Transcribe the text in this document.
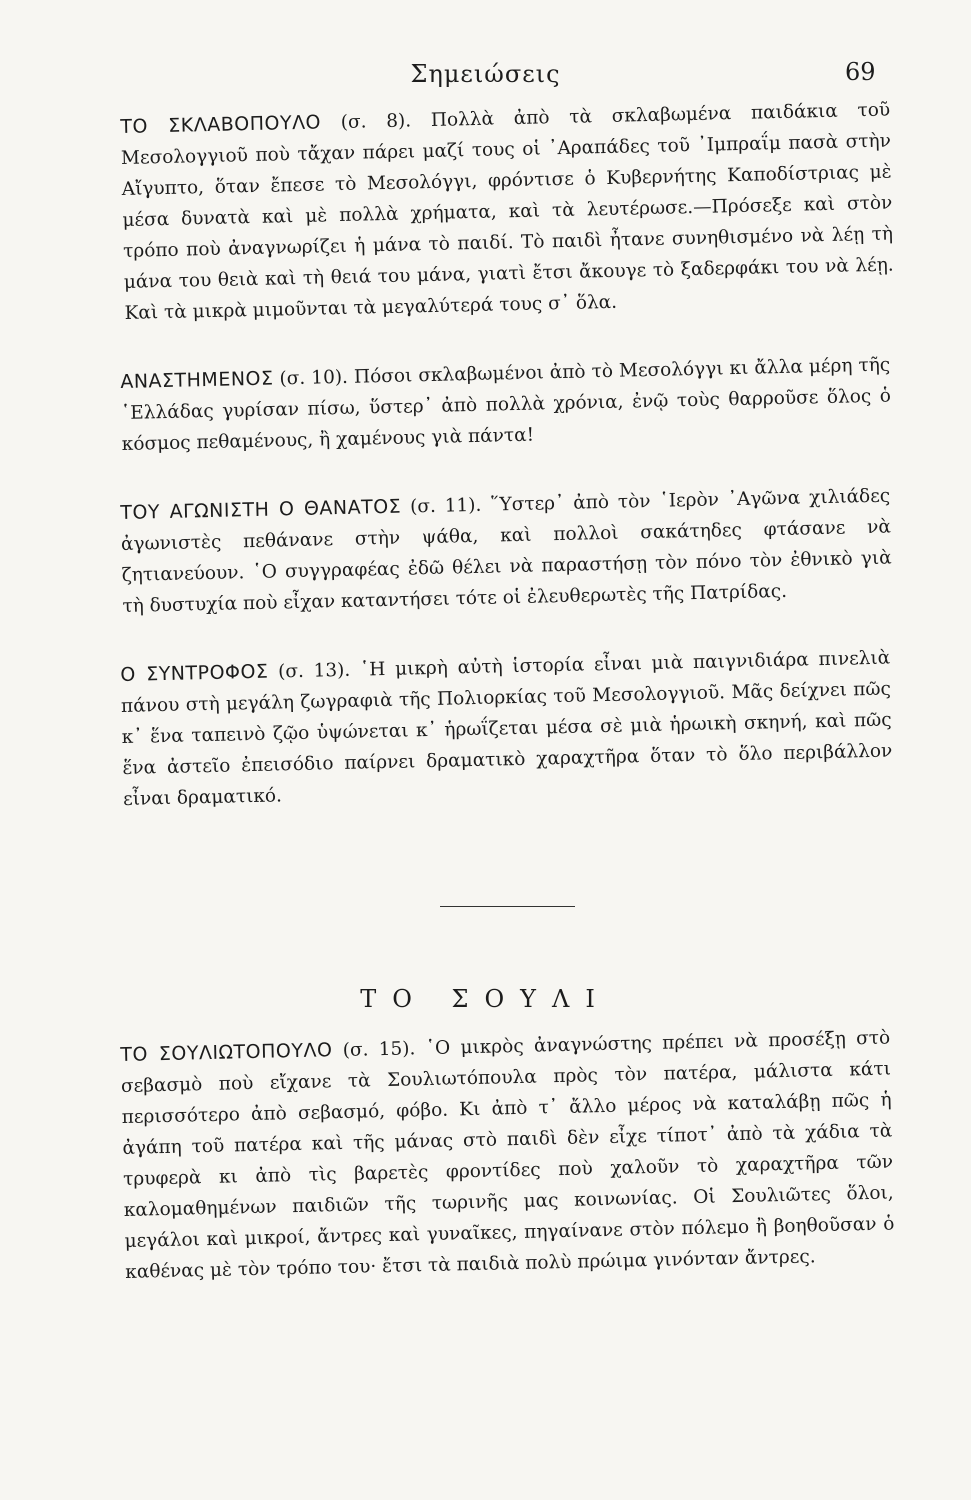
Σημειώσεις	69

ΤΟ ΣΚΛΑΒΟΠΟΥΛΟ (σ. 8). Πολλὰ ἀπὸ τὰ σκλαβωμένα παιδάκια τοῦ Μεσολογγιοῦ ποὺ τἄχαν πάρει μαζί τους οἱ ᾽Αραπάδες τοῦ ᾽Ιμπραΐμ πασὰ στὴν Αἴγυπτο, ὅταν ἔπεσε τὸ Μεσολόγγι, φρόντισε ὁ Κυβερνήτης Καποδίστριας μὲ μέσα δυνατὰ καὶ μὲ πολλὰ χρήματα, καὶ τὰ λευτέρωσε.—Πρόσεξε καὶ στὸν τρόπο ποὺ ἀναγνωρίζει ἡ μάνα τὸ παιδί. Τὸ παιδὶ ἦτανε συνηθισμένο νὰ λέῃ τὴ μάνα του θειὰ καὶ τὴ θειά του μάνα, γιατὶ ἔτσι ἄκουγε τὸ ξαδερφάκι του νὰ λέῃ. Καὶ τὰ μικρὰ μιμοῦνται τὰ μεγαλύτερά τους σ᾽ ὅλα.

ΑΝΑΣΤΗΜΕΝΟΣ (σ. 10). Πόσοι σκλαβωμένοι ἀπὸ τὸ Μεσολόγγι κι ἄλλα μέρη τῆς ῾Ελλάδας γυρίσαν πίσω, ὕστερ᾽ ἀπὸ πολλὰ χρόνια, ἐνῷ τοὺς θαρροῦσε ὅλος ὁ κόσμος πεθαμένους, ἢ χαμένους γιὰ πάντα!

ΤΟΥ ΑΓΩΝΙΣΤΗ Ο ΘΑΝΑΤΟΣ (σ. 11). ῞Υστερ᾽ ἀπὸ τὸν ῾Ιερὸν ᾽Αγῶνα χιλιάδες ἀγωνιστὲς πεθάνανε στὴν ψάθα, καὶ πολλοὶ σακάτηδες φτάσανε νὰ ζητιανεύουν. ῾Ο συγγραφέας ἐδῶ θέλει νὰ παραστήσῃ τὸν πόνο τὸν ἐθνικὸ γιὰ τὴ δυστυχία ποὺ εἶχαν καταντήσει τότε οἱ ἐλευθερωτὲς τῆς Πατρίδας.

Ο ΣΥΝΤΡΟΦΟΣ (σ. 13). ῾Η μικρὴ αὐτὴ ἱστορία εἶναι μιὰ παιγνιδιάρα πινελιὰ πάνου στὴ μεγάλη ζωγραφιὰ τῆς Πολιορκίας τοῦ Μεσολογγιοῦ. Μᾶς δείχνει πῶς κ᾽ ἕνα ταπεινὸ ζῷο ὑψώνεται κ᾽ ἡρωΐζεται μέσα σὲ μιὰ ἡρωικὴ σκηνή, καὶ πῶς ἕνα ἀστεῖο ἐπεισόδιο παίρνει δραματικὸ χαραχτῆρα ὅταν τὸ ὅλο περιβάλλον εἶναι δραματικό.

ΤΟ ΣΟΥΛΙ

ΤΟ ΣΟΥΛΙΩΤΟΠΟΥΛΟ (σ. 15). ῾Ο μικρὸς ἀναγνώστης πρέπει νὰ προσέξῃ στὸ σεβασμὸ ποὺ εἴχανε τὰ Σουλιωτόπουλα πρὸς τὸν πατέρα, μάλιστα κάτι περισσότερο ἀπὸ σεβασμό, φόβο. Κι ἀπὸ τ᾽ ἄλλο μέρος νὰ καταλάβῃ πῶς ἡ ἀγάπη τοῦ πατέρα καὶ τῆς μάνας στὸ παιδὶ δὲν εἶχε τίποτ᾽ ἀπὸ τὰ χάδια τὰ τρυφερὰ κι ἀπὸ τὶς βαρετὲς φροντίδες ποὺ χαλοῦν τὸ χαραχτῆρα τῶν καλομαθημένων παιδιῶν τῆς τωρινῆς μας κοινωνίας. Οἱ Σουλιῶτες ὅλοι, μεγάλοι καὶ μικροί, ἄντρες καὶ γυναῖκες, πηγαίνανε στὸν πόλεμο ἢ βοηθοῦσαν ὁ καθένας μὲ τὸν τρόπο του· ἔτσι τὰ παιδιὰ πολὺ πρώιμα γινόνταν ἄντρες.
